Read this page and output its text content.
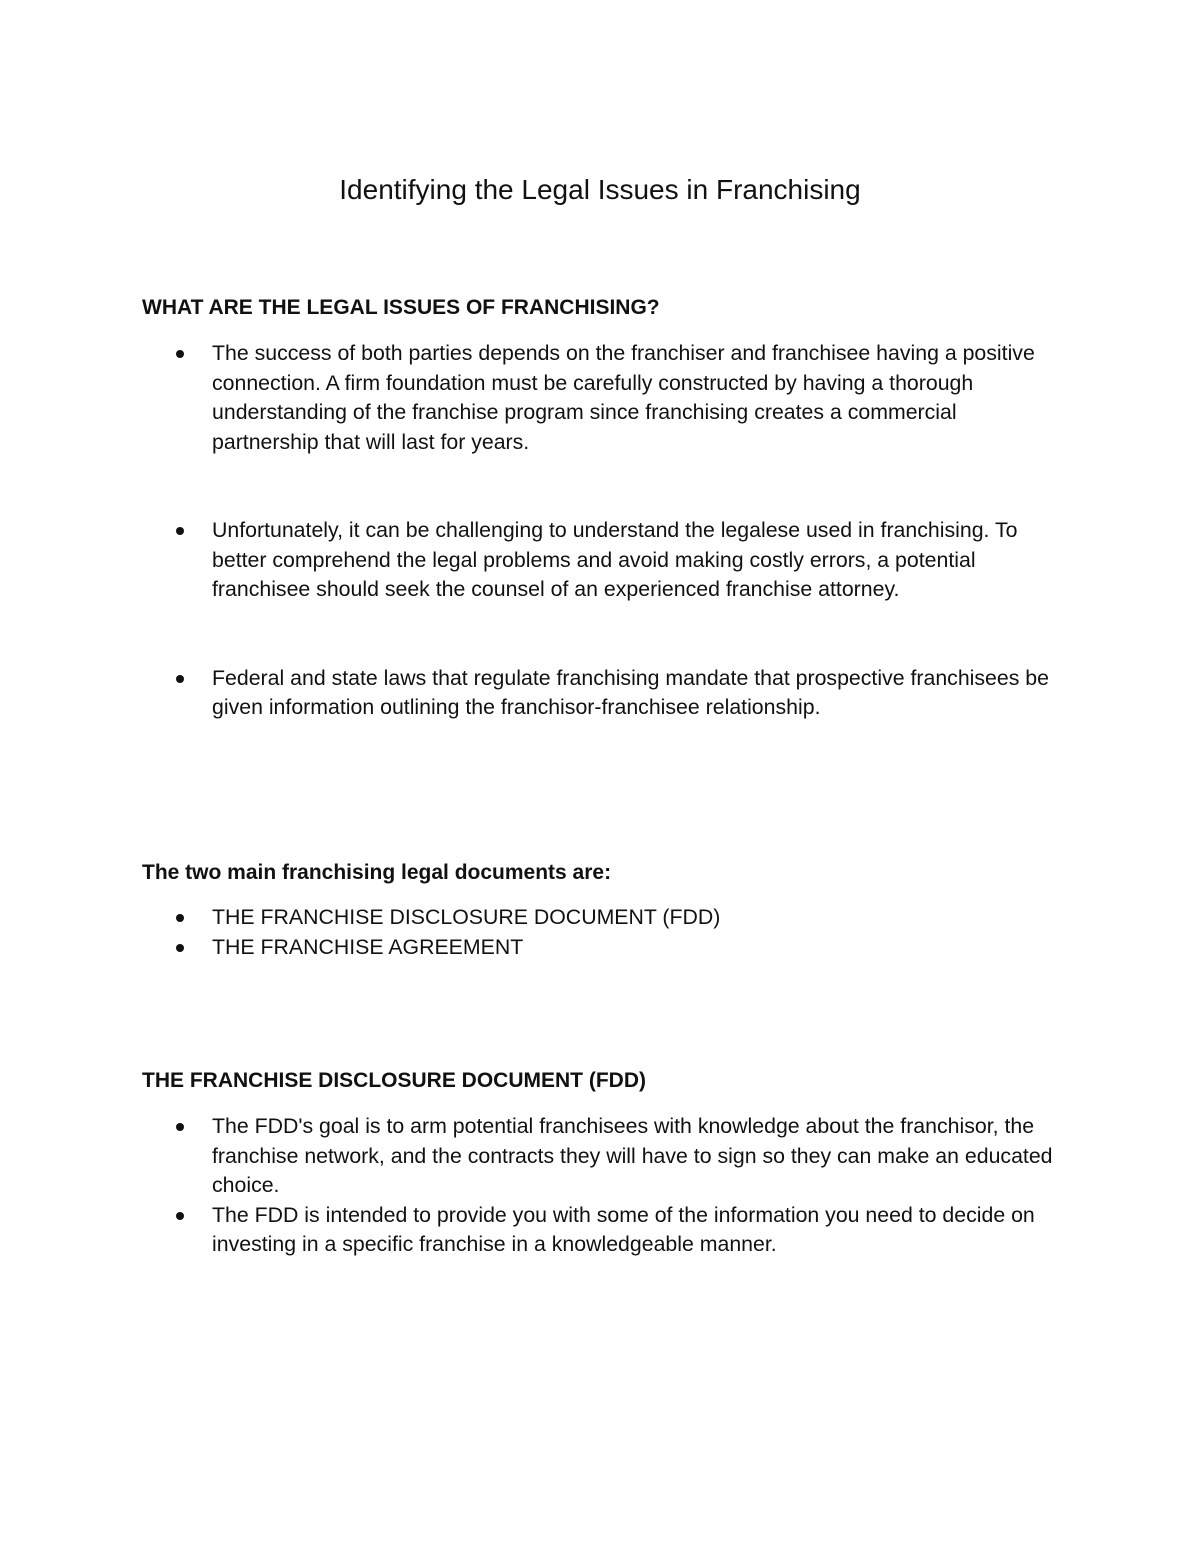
Identifying the Legal Issues in Franchising
WHAT ARE THE LEGAL ISSUES OF FRANCHISING?
The success of both parties depends on the franchiser and franchisee having a positive connection. A firm foundation must be carefully constructed by having a thorough understanding of the franchise program since franchising creates a commercial partnership that will last for years.
Unfortunately, it can be challenging to understand the legalese used in franchising. To better comprehend the legal problems and avoid making costly errors, a potential franchisee should seek the counsel of an experienced franchise attorney.
Federal and state laws that regulate franchising mandate that prospective franchisees be given information outlining the franchisor-franchisee relationship.
The two main franchising legal documents are:
THE FRANCHISE DISCLOSURE DOCUMENT (FDD)
THE FRANCHISE AGREEMENT
THE FRANCHISE DISCLOSURE DOCUMENT (FDD)
The FDD's goal is to arm potential franchisees with knowledge about the franchisor, the franchise network, and the contracts they will have to sign so they can make an educated choice.
The FDD is intended to provide you with some of the information you need to decide on investing in a specific franchise in a knowledgeable manner.
